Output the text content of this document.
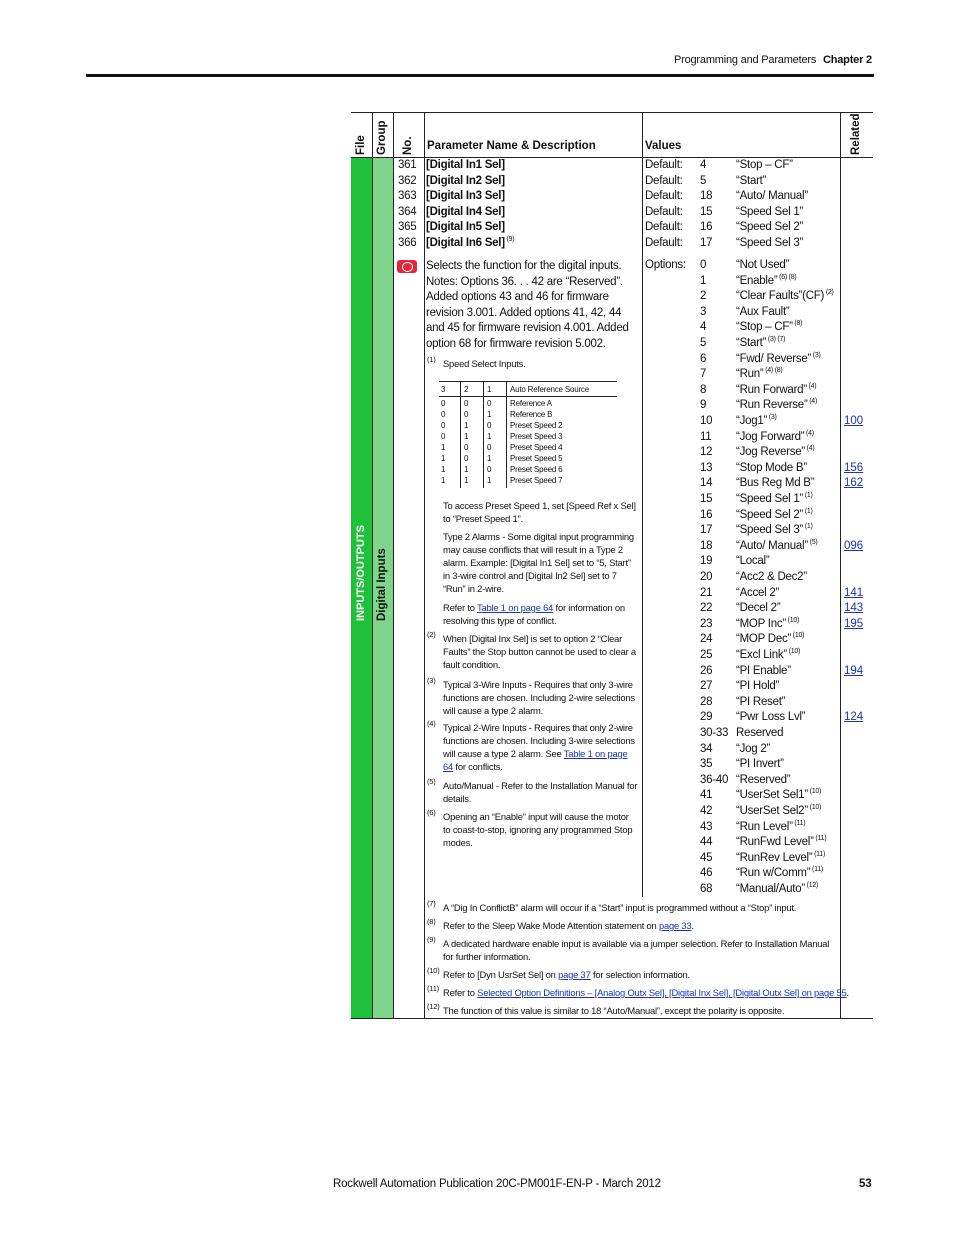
Programming and Parameters Chapter 2
File Group No. Parameter Name & Description	Values	Related
INPUTS/OUTPUTS Digital Inputs
361 [Digital In1 Sel]	Default: 4	“Stop – CF”
362 [Digital In2 Sel]	Default: 5	“Start”
363 [Digital In3 Sel]	Default: 18 “Auto/ Manual”
364 [Digital In4 Sel]	Default: 15 “Speed Sel 1”
365 [Digital In5 Sel]	Default: 16 “Speed Sel 2”
366 [Digital In6 Sel] $^{(9)}$	Default: 17 “Speed Sel 3”
Selects the function for the digital inputs. Notes: Options 36. . . 42 are “Reserved”. Added options 43 and 46 for firmware revision 3.001. Added options 41, 42, 44 and 45 for firmware revision 4.001. Added option 68 for firmware revision 5.002.
Options: 0	“Not Used”
1	“Enable” $^{(6) (8)}$
2	“Clear Faults”(CF) $^{(2)}$
3	“Aux Fault”
4	“Stop – CF” $^{(8)}$
5	“Start” $^{(3) (7)}$
6	“Fwd/ Reverse” $^{(3)}$
7	“Run” $^{(4) (8)}$
8	“Run Forward” $^{(4)}$
9	“Run Reverse” $^{(4)}$
10 “Jog1” $^{(3)}$	100
11 “Jog Forward” $^{(4)}$
12 “Jog Reverse” $^{(4)}$
13 “Stop Mode B”	156
14 “Bus Reg Md B”	162
15 “Speed Sel 1” $^{(1)}$
16 “Speed Sel 2” $^{(1)}$
17 “Speed Sel 3” $^{(1)}$
18 “Auto/ Manual” $^{(5)}$ 096
19 “Local”
20 “Acc2 & Dec2”
21 “Accel 2”	141
22 “Decel 2”	143
23 “MOP Inc” $^{(10)}$	195
24 “MOP Dec” $^{(10)}$
25 “Excl Link” $^{(10)}$
26 “PI Enable”	194
27 “PI Hold”
28 “PI Reset”
29 “Pwr Loss Lvl”	124
30-33 Reserved
34 “Jog 2”
35 “PI Invert”
36-40 “Reserved”
41 “UserSet Sel1” $^{(10)}$
42 “UserSet Sel2” $^{(10)}$
43 “Run Level” $^{(11)}$
44 “RunFwd Level” $^{(11)}$
45 “RunRev Level” $^{(11)}$
46 “Run w/Comm” $^{(11)}$
68 “Manual/Auto” $^{(12)}$
(1) Speed Select Inputs.
3 2 1 Auto Reference Source
0 0 0 Reference A
0 0 1 Reference B
0 1 0 Preset Speed 2
0 1 1 Preset Speed 3
1 0 0 Preset Speed 4
1 0 1 Preset Speed 5
1 1 0 Preset Speed 6
1 1 1 Preset Speed 7
To access Preset Speed 1, set [Speed Ref x Sel] to “Preset Speed 1”.
Type 2 Alarms - Some digital input programming may cause conflicts that will result in a Type 2 alarm. Example: [Digital In1 Sel] set to “5, Start” in 3-wire control and [Digital In2 Sel] set to 7 “Run” in 2-wire.
Refer to Table 1 on page 64 for information on resolving this type of conflict.
(2) When [Digital Inx Sel] is set to option 2 “Clear Faults” the Stop button cannot be used to clear a fault condition.
(3) Typical 3-Wire Inputs - Requires that only 3-wire functions are chosen. Including 2-wire selections will cause a type 2 alarm.
(4) Typical 2-Wire Inputs - Requires that only 2-wire functions are chosen. Including 3-wire selections will cause a type 2 alarm. See Table 1 on page 64 for conflicts.
(5) Auto/Manual - Refer to the Installation Manual for details.
(6) Opening an “Enable” input will cause the motor to coast-to-stop, ignoring any programmed Stop modes.
(7) A “Dig In ConflictB” alarm will occur if a “Start” input is programmed without a “Stop” input.
(8) Refer to the Sleep Wake Mode Attention statement on page 33.
(9) A dedicated hardware enable input is available via a jumper selection. Refer to Installation Manual for further information.
(10) Refer to [Dyn UsrSet Sel] on page 37 for selection information.
(11) Refer to Selected Option Definitions – [Analog Outx Sel], [Digital Inx Sel], [Digital Outx Sel] on page 55.
(12) The function of this value is similar to 18 “Auto/Manual”, except the polarity is opposite.
Rockwell Automation Publication 20C-PM001F-EN-P - March 2012	53
